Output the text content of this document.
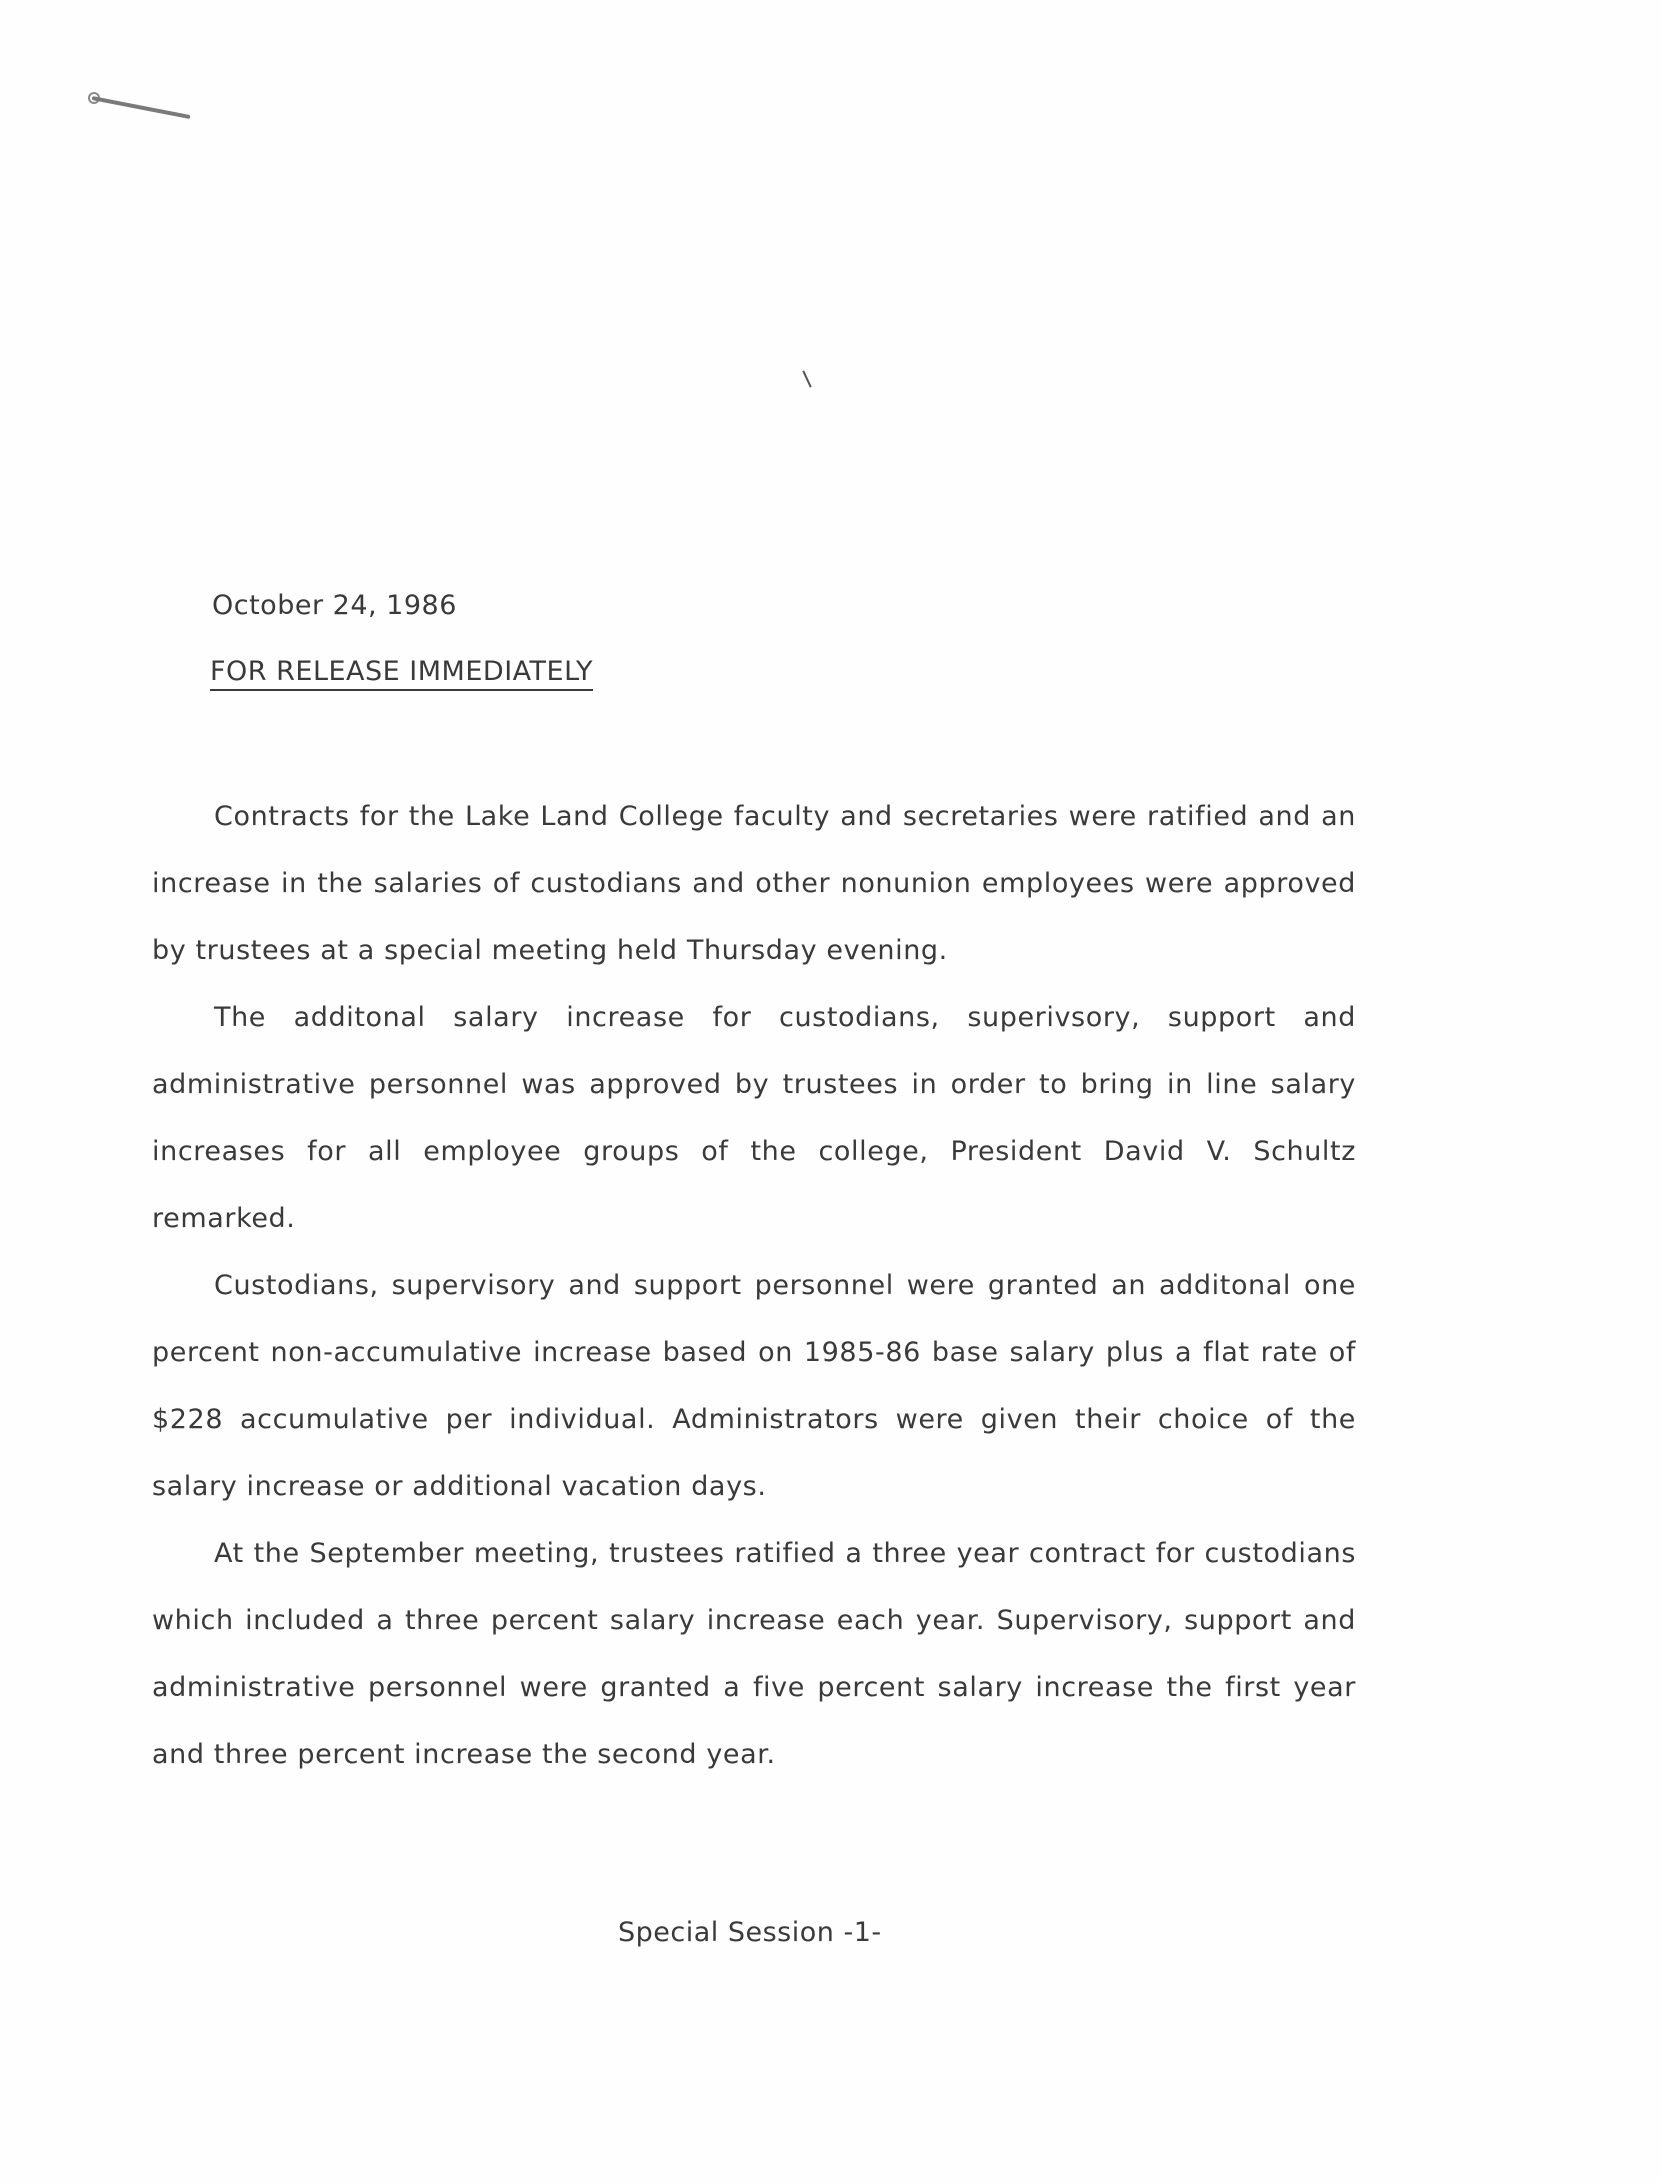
October 24, 1986
FOR RELEASE IMMEDIATELY

Contracts for the Lake Land College faculty and secretaries were ratified and an increase in the salaries of custodians and other nonunion employees were approved by trustees at a special meeting held Thursday evening.

The additonal salary increase for custodians, superivsory, support and administrative personnel was approved by trustees in order to bring in line salary increases for all employee groups of the college, President David V. Schultz remarked.

Custodians, supervisory and support personnel were granted an additonal one percent non-accumulative increase based on 1985-86 base salary plus a flat rate of $228 accumulative per individual. Administrators were given their choice of the salary increase or additional vacation days.

At the September meeting, trustees ratified a three year contract for custodians which included a three percent salary increase each year. Supervisory, support and administrative personnel were granted a five percent salary increase the first year and three percent increase the second year.

Special Session -1-
